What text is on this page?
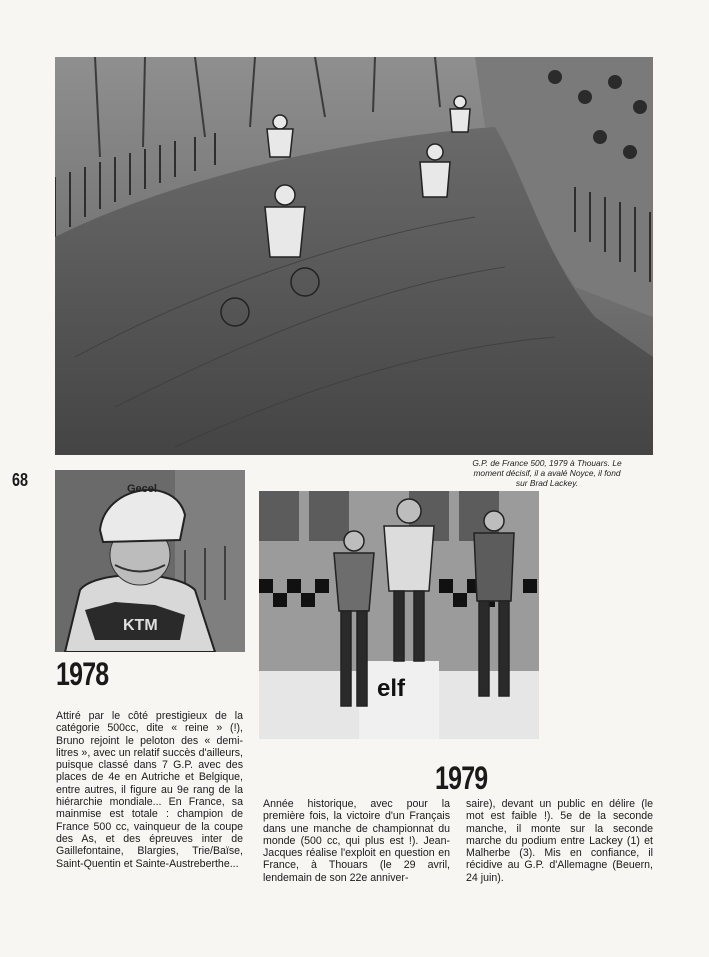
68
G.P. de France 500, 1979 à Thouars. Le
moment décisif, il a avalé Noyce, il fond
sur Brad Lackey.
KTM
Gecel
1978

Attiré par le côté prestigieux de la catégorie 500cc, dite « reine » (!), Bruno rejoint le peloton des « demi-litres », avec un relatif succès d'ailleurs, puisque classé dans 7 G.P. avec des places de 4e en Autriche et Belgique, entre autres, il figure au 9e rang de la hiérarchie mondiale... En France, sa mainmise est totale : champion de France 500 cc, vainqueur de la coupe des As, et des épreuves inter de Gaillefontaine, Blargies, Trie/Baïse, Saint-Quentin et Sainte-Austreberthe...

elf
1979

Année historique, avec pour la première fois, la victoire d'un Français dans une manche de championnat du monde (500 cc, qui plus est !). Jean-Jacques réalise l'exploit en question en France, à Thouars (le 29 avril, lendemain de son 22e anniver-

saire), devant un public en délire (le mot est faible !). 5e de la seconde manche, il monte sur la seconde marche du podium entre Lackey (1) et Malherbe (3). Mis en confiance, il récidive au G.P. d'Allemagne (Beuern, 24 juin).
